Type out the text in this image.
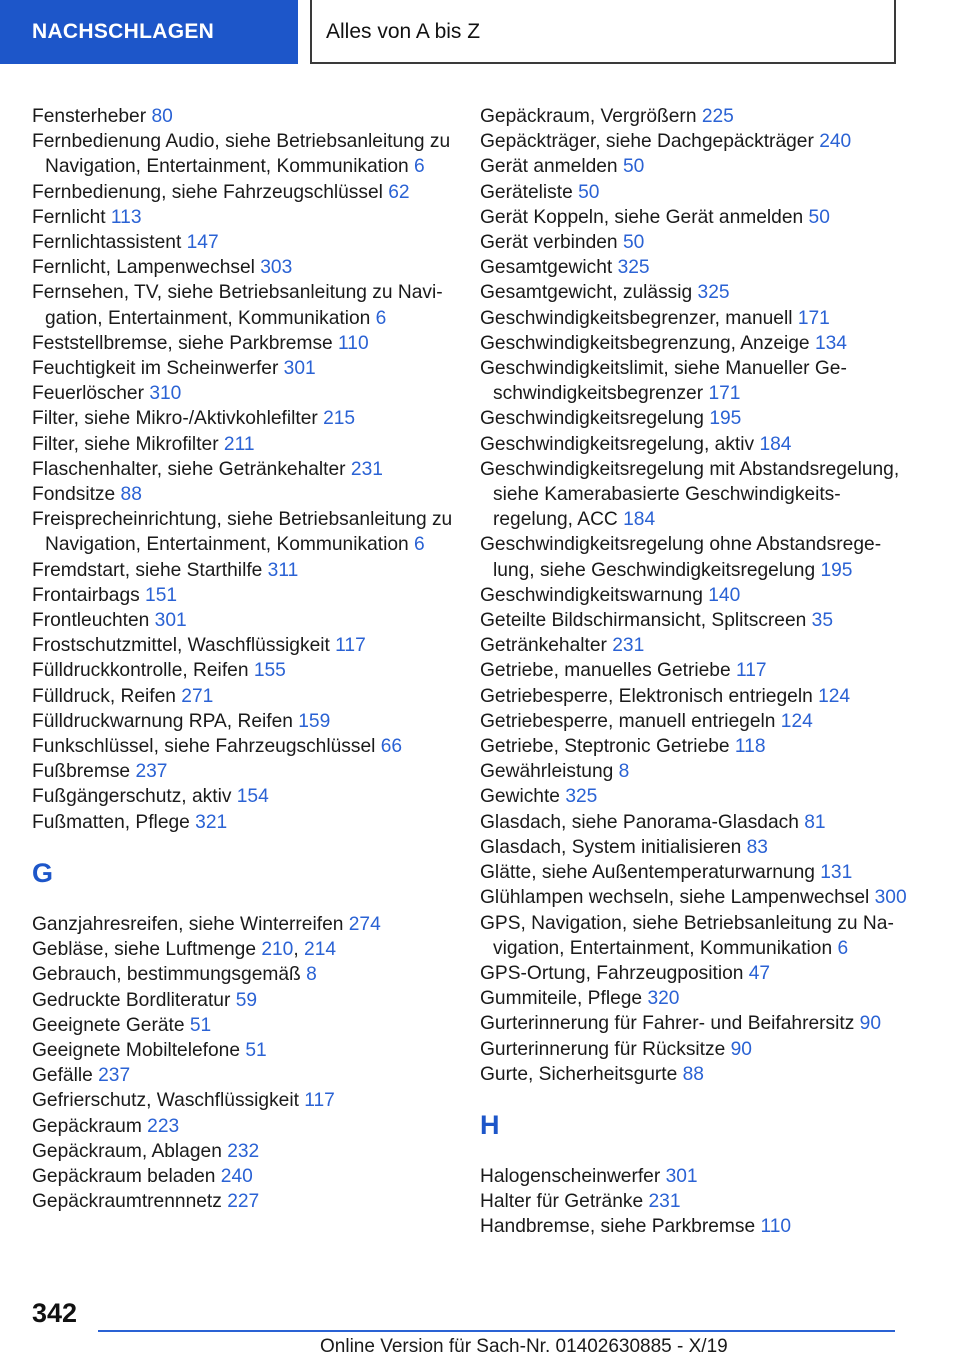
NACHSCHLAGEN	Alles von A bis Z
Fensterheber 80
Fernbedienung Audio, siehe Betriebsanleitung zu Navigation, Entertainment, Kommunikation 6
Fernbedienung, siehe Fahrzeugschlüssel 62
Fernlicht 113
Fernlichtassistent 147
Fernlicht, Lampenwechsel 303
Fernsehen, TV, siehe Betriebsanleitung zu Navigation, Entertainment, Kommunikation 6
Feststellbremse, siehe Parkbremse 110
Feuchtigkeit im Scheinwerfer 301
Feuerlöscher 310
Filter, siehe Mikro-/Aktivkohlefilter 215
Filter, siehe Mikrofilter 211
Flaschenhalter, siehe Getränkehalter 231
Fondsitze 88
Freisprecheinrichtung, siehe Betriebsanleitung zu Navigation, Entertainment, Kommunikation 6
Fremdstart, siehe Starthilfe 311
Frontairbags 151
Frontleuchten 301
Frostschutzmittel, Waschflüssigkeit 117
Fülldruckkontrolle, Reifen 155
Fülldruck, Reifen 271
Fülldruckwarnung RPA, Reifen 159
Funkschlüssel, siehe Fahrzeugschlüssel 66
Fußbremse 237
Fußgängerschutz, aktiv 154
Fußmatten, Pflege 321
G
Ganzjahresreifen, siehe Winterreifen 274
Gebläse, siehe Luftmenge 210, 214
Gebrauch, bestimmungsgemäß 8
Gedruckte Bordliteratur 59
Geeignete Geräte 51
Geeignete Mobiltelefone 51
Gefälle 237
Gefrierschutz, Waschflüssigkeit 117
Gepäckraum 223
Gepäckraum, Ablagen 232
Gepäckraum beladen 240
Gepäckraumtrennnetz 227
Gepäckraum, Vergrößern 225
Gepäckträger, siehe Dachgepäckträger 240
Gerät anmelden 50
Geräteliste 50
Gerät Koppeln, siehe Gerät anmelden 50
Gerät verbinden 50
Gesamtgewicht 325
Gesamtgewicht, zulässig 325
Geschwindigkeitsbegrenzer, manuell 171
Geschwindigkeitsbegrenzung, Anzeige 134
Geschwindigkeitslimit, siehe Manueller Geschwindigkeitsbegrenzer 171
Geschwindigkeitsregelung 195
Geschwindigkeitsregelung, aktiv 184
Geschwindigkeitsregelung mit Abstandsregelung, siehe Kamerabasierte Geschwindigkeitsregelung, ACC 184
Geschwindigkeitsregelung ohne Abstandsregelung, siehe Geschwindigkeitsregelung 195
Geschwindigkeitswarnung 140
Geteilte Bildschirmansicht, Splitscreen 35
Getränkehalter 231
Getriebe, manuelles Getriebe 117
Getriebesperre, Elektronisch entriegeln 124
Getriebesperre, manuell entriegeln 124
Getriebe, Steptronic Getriebe 118
Gewährleistung 8
Gewichte 325
Glasdach, siehe Panorama-Glasdach 81
Glasdach, System initialisieren 83
Glätte, siehe Außentemperaturwarnung 131
Glühlampen wechseln, siehe Lampenwechsel 300
GPS, Navigation, siehe Betriebsanleitung zu Navigation, Entertainment, Kommunikation 6
GPS-Ortung, Fahrzeugposition 47
Gummiteile, Pflege 320
Gurterinnerung für Fahrer- und Beifahrersitz 90
Gurterinnerung für Rücksitze 90
Gurte, Sicherheitsgurte 88
H
Halogenscheinwerfer 301
Halter für Getränke 231
Handbremse, siehe Parkbremse 110
342
Online Version für Sach-Nr. 01402630885 - X/19
